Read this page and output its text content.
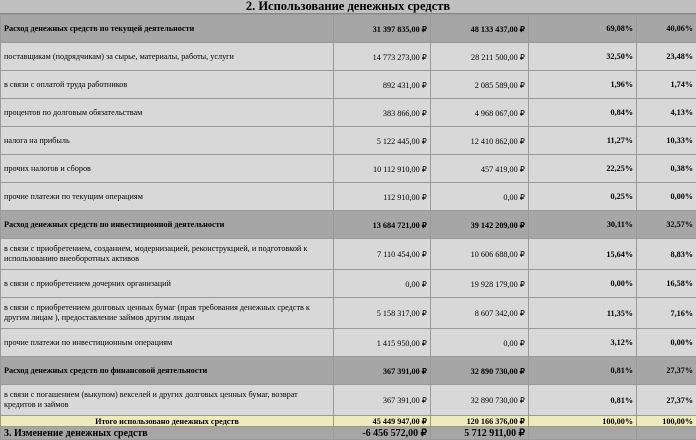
2. Использование денежных средств
Расход денежных средств по текущей деятельности	31 397 835,00 ₽	48 133 437,00 ₽	69,08%	40,06%
поставщикам (подрядчикам) за сырье, материалы, работы, услуги	14 773 273,00 ₽	28 211 500,00 ₽	32,50%	23,48%
в связи с оплатой труда работников	892 431,00 ₽	2 085 589,00 ₽	1,96%	1,74%
процентов по долговым обязательствам	383 866,00 ₽	4 968 067,00 ₽	0,84%	4,13%
налога на прибыль	5 122 445,00 ₽	12 410 862,00 ₽	11,27%	10,33%
прочих налогов и сборов	10 112 910,00 ₽	457 419,00 ₽	22,25%	0,38%
прочие платежи по текущим операциям	112 910,00 ₽	0,00 ₽	0,25%	0,00%
Расход денежных средств по инвестиционной деятельности	13 684 721,00 ₽	39 142 209,00 ₽	30,11%	32,57%
в связи с приобретением, созданием, модернизацией, реконструкцией, и подготовкой к использованию внеоборотных активов	7 110 454,00 ₽	10 606 688,00 ₽	15,64%	8,83%
в связи с приобретением дочерних организаций	0,00 ₽	19 928 179,00 ₽	0,00%	16,58%
в связи с приобретением долговых ценных бумаг (прав требования денежных средств к другим лицам ), предоставление займов другим лицам	5 158 317,00 ₽	8 607 342,00 ₽	11,35%	7,16%
прочие платежи по инвестиционным операциям	1 415 950,00 ₽	0,00 ₽	3,12%	0,00%
Расход денежных средств по финансовой деятельности	367 391,00 ₽	32 890 730,00 ₽	0,81%	27,37%
в связи с погашением (выкупом) векселей и других долговых ценных бумаг, возврат кредитов и займов	367 391,00 ₽	32 890 730,00 ₽	0,81%	27,37%
Итого использовано денежных средств	45 449 947,00 ₽	120 166 376,00 ₽	100,00%	100,00%
3. Изменение денежных средств	-6 456 572,00 ₽	5 712 911,00 ₽		
